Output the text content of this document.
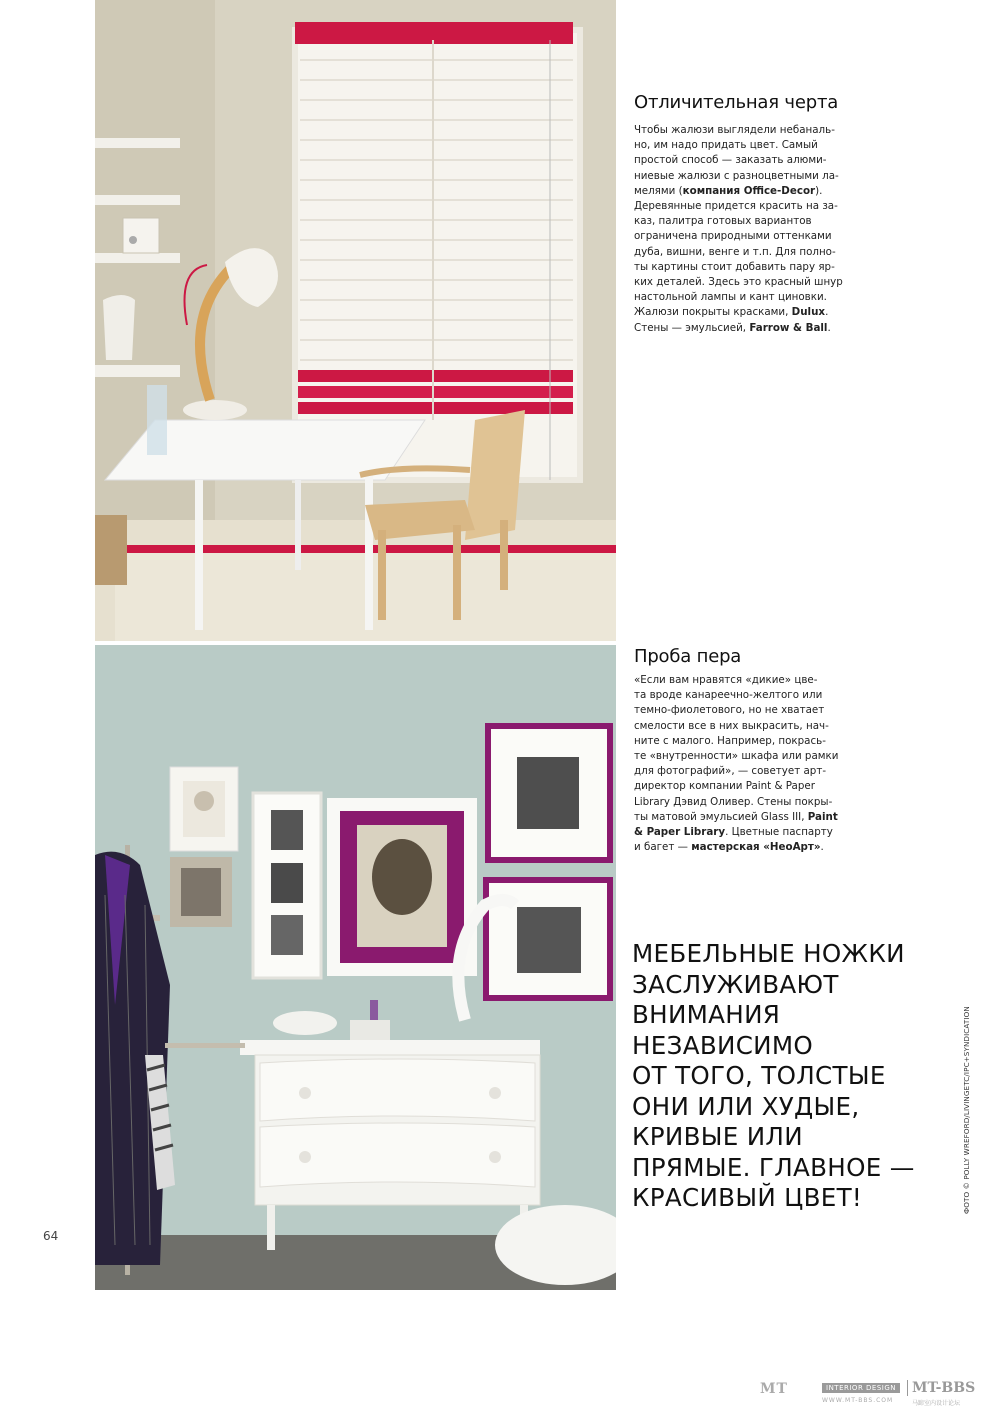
Отличительная черта
Чтобы жалюзи выглядели небаналь-
но, им надо придать цвет. Самый
простой способ — заказать алюми-
ниевые жалюзи с разноцветными ла-
мелями (компания Office-Decor).
Деревянные придется красить на за-
каз, палитра готовых вариантов
ограничена природными оттенками
дуба, вишни, венге и т.п. Для полно-
ты картины стоит добавить пару яр-
ких деталей. Здесь это красный шнур
настольной лампы и кант циновки.
Жалюзи покрыты красками, Dulux.
Стены — эмульсией, Farrow & Ball.
Проба пера
«Если вам нравятся «дикие» цве-
та вроде канареечно-желтого или
темно-фиолетового, но не хватает
смелости все в них выкрасить, нач-
ните с малого. Например, покрась-
те «внутренности» шкафа или рамки
для фотографий», — советует арт-
директор компании Paint & Paper
Library Дэвид Оливер. Стены покры-
ты матовой эмульсией Glass III, Paint
& Paper Library. Цветные паспарту
и багет — мастерская «НеоАрт».
МЕБЕЛЬНЫЕ НОЖКИ
ЗАСЛУЖИВАЮТ
ВНИМАНИЯ
НЕЗАВИСИМО
ОТ ТОГО, ТОЛСТЫЕ
ОНИ ИЛИ ХУДЫЕ,
КРИВЫЕ ИЛИ
ПРЯМЫЕ. ГЛАВНОЕ —
КРАСИВЫЙ ЦВЕТ!	ФОТО © POLLY WREFORD/LIVINGETC/IPC+SYNDICATION
64
MT	INTERIOR DESIGN MT-BBS
WWW.MT-BBS.COM	马蹄室内设计论坛
